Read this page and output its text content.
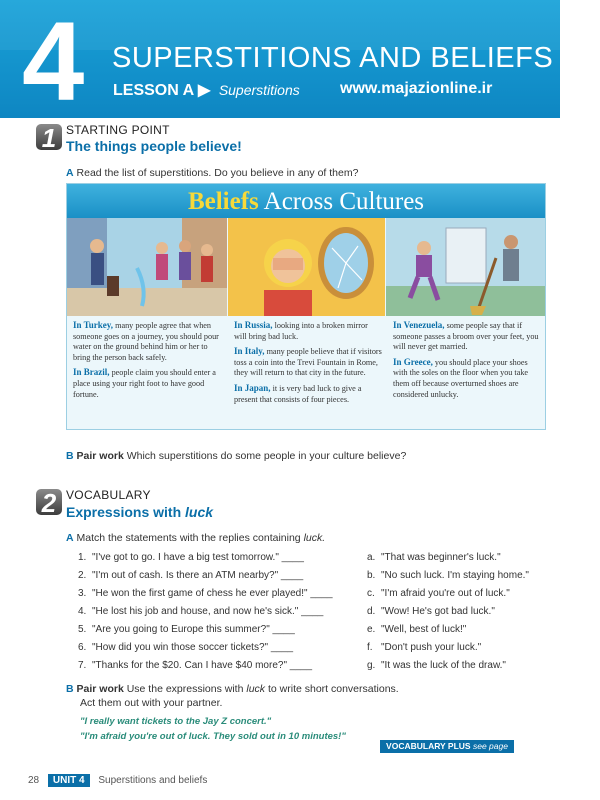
4 SUPERSTITIONS AND BELIEFS
LESSON A ▶ Superstitions	www.majazionline.ir
1 STARTING POINT
The things people believe!
A Read the list of superstitions. Do you believe in any of them?
Beliefs Across Cultures
In Turkey, many people agree that when someone goes on a journey, you should pour water on the ground behind him or her to bring the person back safely.
In Brazil, people claim you should enter a place using your right foot to have good fortune.
In Russia, looking into a broken mirror will bring bad luck.
In Italy, many people believe that if visitors toss a coin into the Trevi Fountain in Rome, they will return to that city in the future.
In Japan, it is very bad luck to give a present that consists of four pieces.
In Venezuela, some people say that if someone passes a broom over your feet, you will never get married.
In Greece, you should place your shoes with the soles on the floor when you take them off because overturned shoes are considered unlucky.
B Pair work Which superstitions do some people in your culture believe?
2 VOCABULARY
Expressions with luck
A Match the statements with the replies containing luck.
1. "I've got to go. I have a big test tomorrow." ____
2. "I'm out of cash. Is there an ATM nearby?" ____
3. "He won the first game of chess he ever played!" ____
4. "He lost his job and house, and now he's sick." ____
5. "Are you going to Europe this summer?" ____
6. "How did you win those soccer tickets?" ____
7. "Thanks for the $20. Can I have $40 more?" ____
a. "That was beginner's luck."
b. "No such luck. I'm staying home."
c. "I'm afraid you're out of luck."
d. "Wow! He's got bad luck."
e. "Well, best of luck!"
f. "Don't push your luck."
g. "It was the luck of the draw."
B Pair work Use the expressions with luck to write short conversations.
Act them out with your partner.
"I really want tickets to the Jay Z concert."
"I'm afraid you're out of luck. They sold out in 10 minutes!"
VOCABULARY PLUS see page 133
28 UNIT 4 Superstitions and beliefs
